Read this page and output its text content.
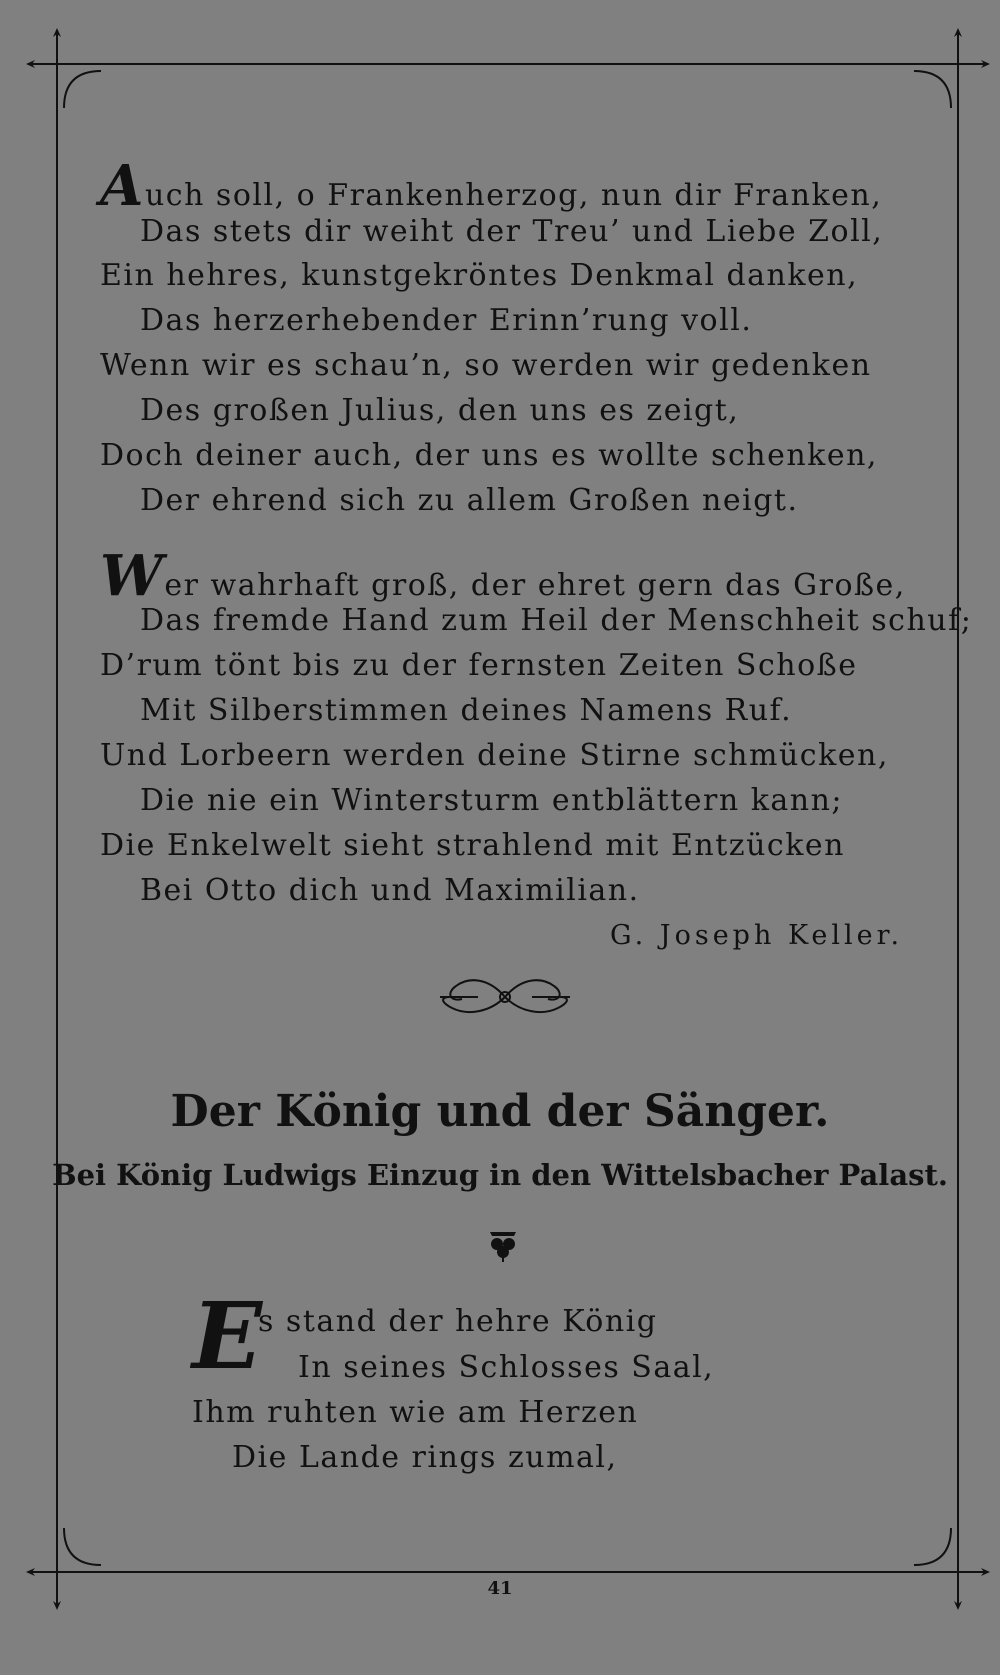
Auch soll, o Frankenherzog, nun dir Franken,
Das stets dir weiht der Treu’ und Liebe Zoll,
Ein hehres, kunstgekröntes Denkmal danken,
Das herzerhebender Erinn’rung voll.
Wenn wir es schau’n, so werden wir gedenken
Des großen Julius, den uns es zeigt,
Doch deiner auch, der uns es wollte schenken,
Der ehrend sich zu allem Großen neigt.
Wer wahrhaft groß, der ehret gern das Große,
Das fremde Hand zum Heil der Menschheit schuf;
D’rum tönt bis zu der fernsten Zeiten Schoße
Mit Silberstimmen deines Namens Ruf.
Und Lorbeern werden deine Stirne schmücken,
Die nie ein Wintersturm entblättern kann;
Die Enkelwelt sieht strahlend mit Entzücken
Bei Otto dich und Maximilian.
G. Joseph Keller.
Der König und der Sänger.
Bei König Ludwigs Einzug in den Wittelsbacher Palast.
E
s stand der hehre König
In seines Schlosses Saal,
Ihm ruhten wie am Herzen
Die Lande rings zumal,
41
